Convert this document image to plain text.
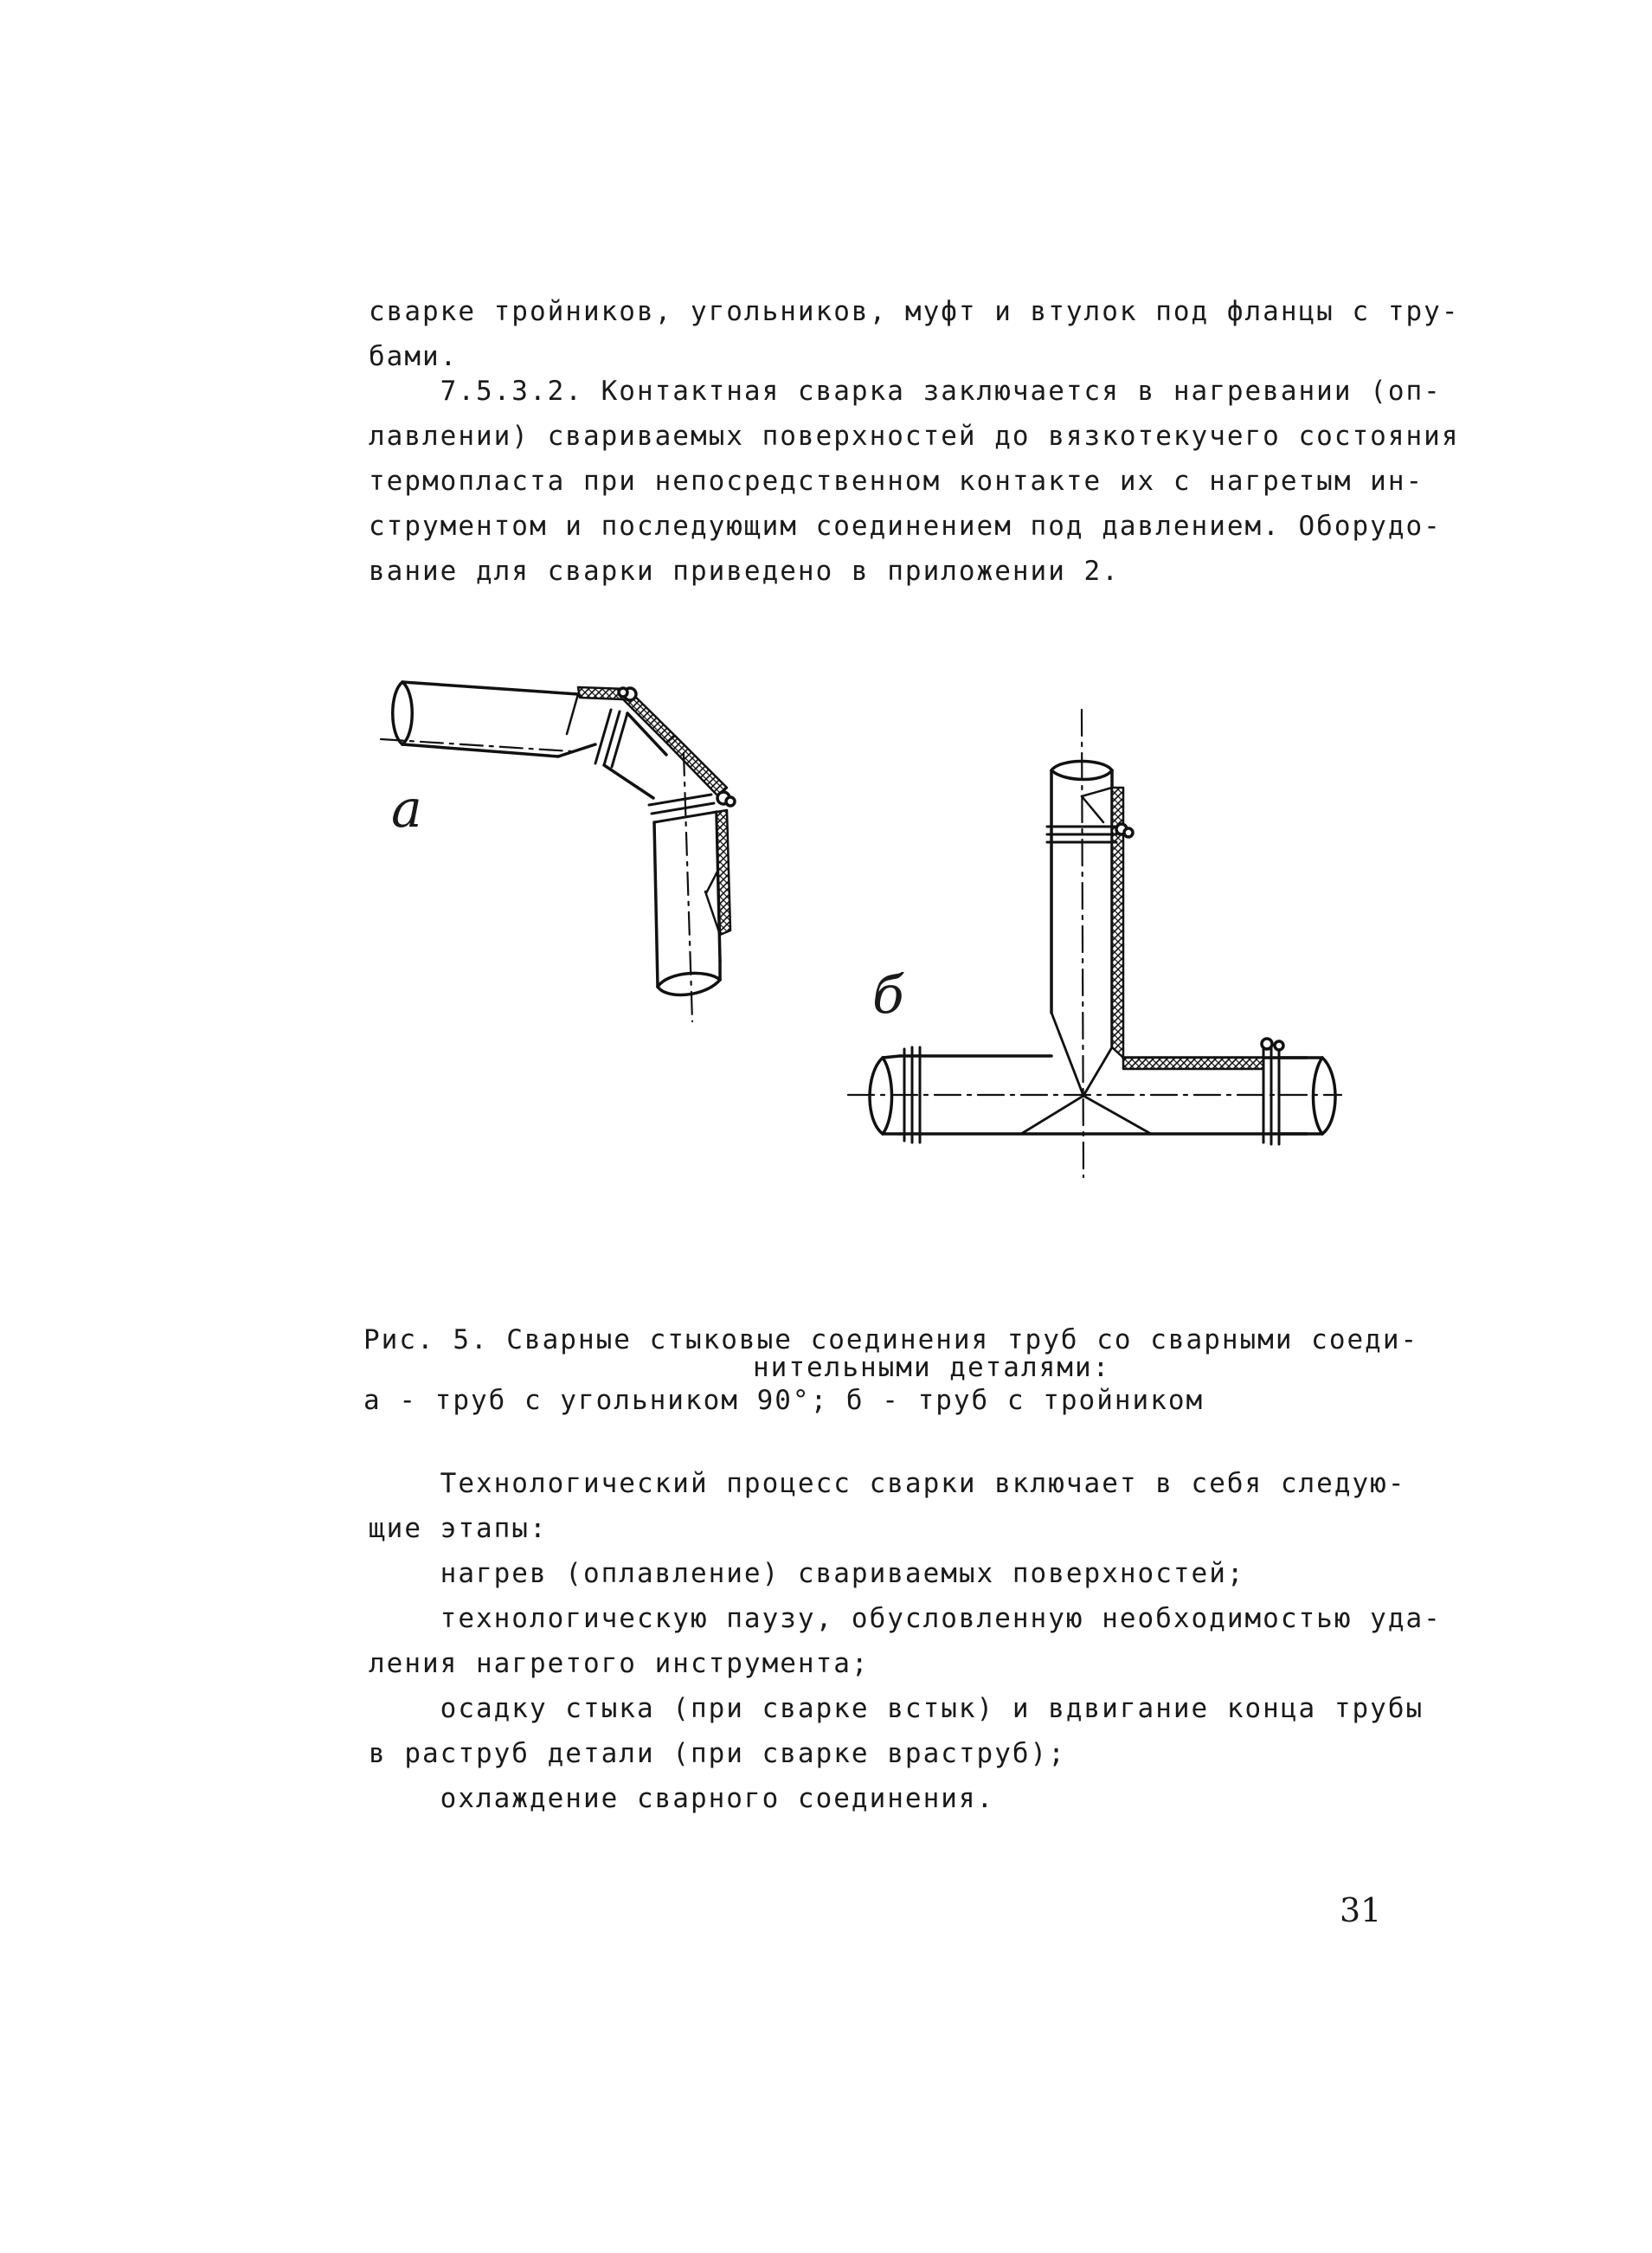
сварке тройников, угольников, муфт и втулок под фланцы с тру-
бами.
7.5.3.2. Контактная сварка заключается в нагревании (оп-
лавлении) свариваемых поверхностей до вязкотекучего состояния
термопласта при непосредственном контакте их с нагретым ин-
струментом и последующим соединением под давлением. Оборудо-
вание для сварки приведено в приложении 2.
а
б
Рис. 5. Сварные стыковые соединения труб со сварными соеди-
нительными деталями:
а - труб с угольником 90°; б - труб с тройником
Технологический процесс сварки включает в себя следую-
щие этапы:
нагрев (оплавление) свариваемых поверхностей;
технологическую паузу, обусловленную необходимостью уда-
ления нагретого инструмента;
осадку стыка (при сварке встык) и вдвигание конца трубы
в раструб детали (при сварке враструб);
охлаждение сварного соединения.
31
